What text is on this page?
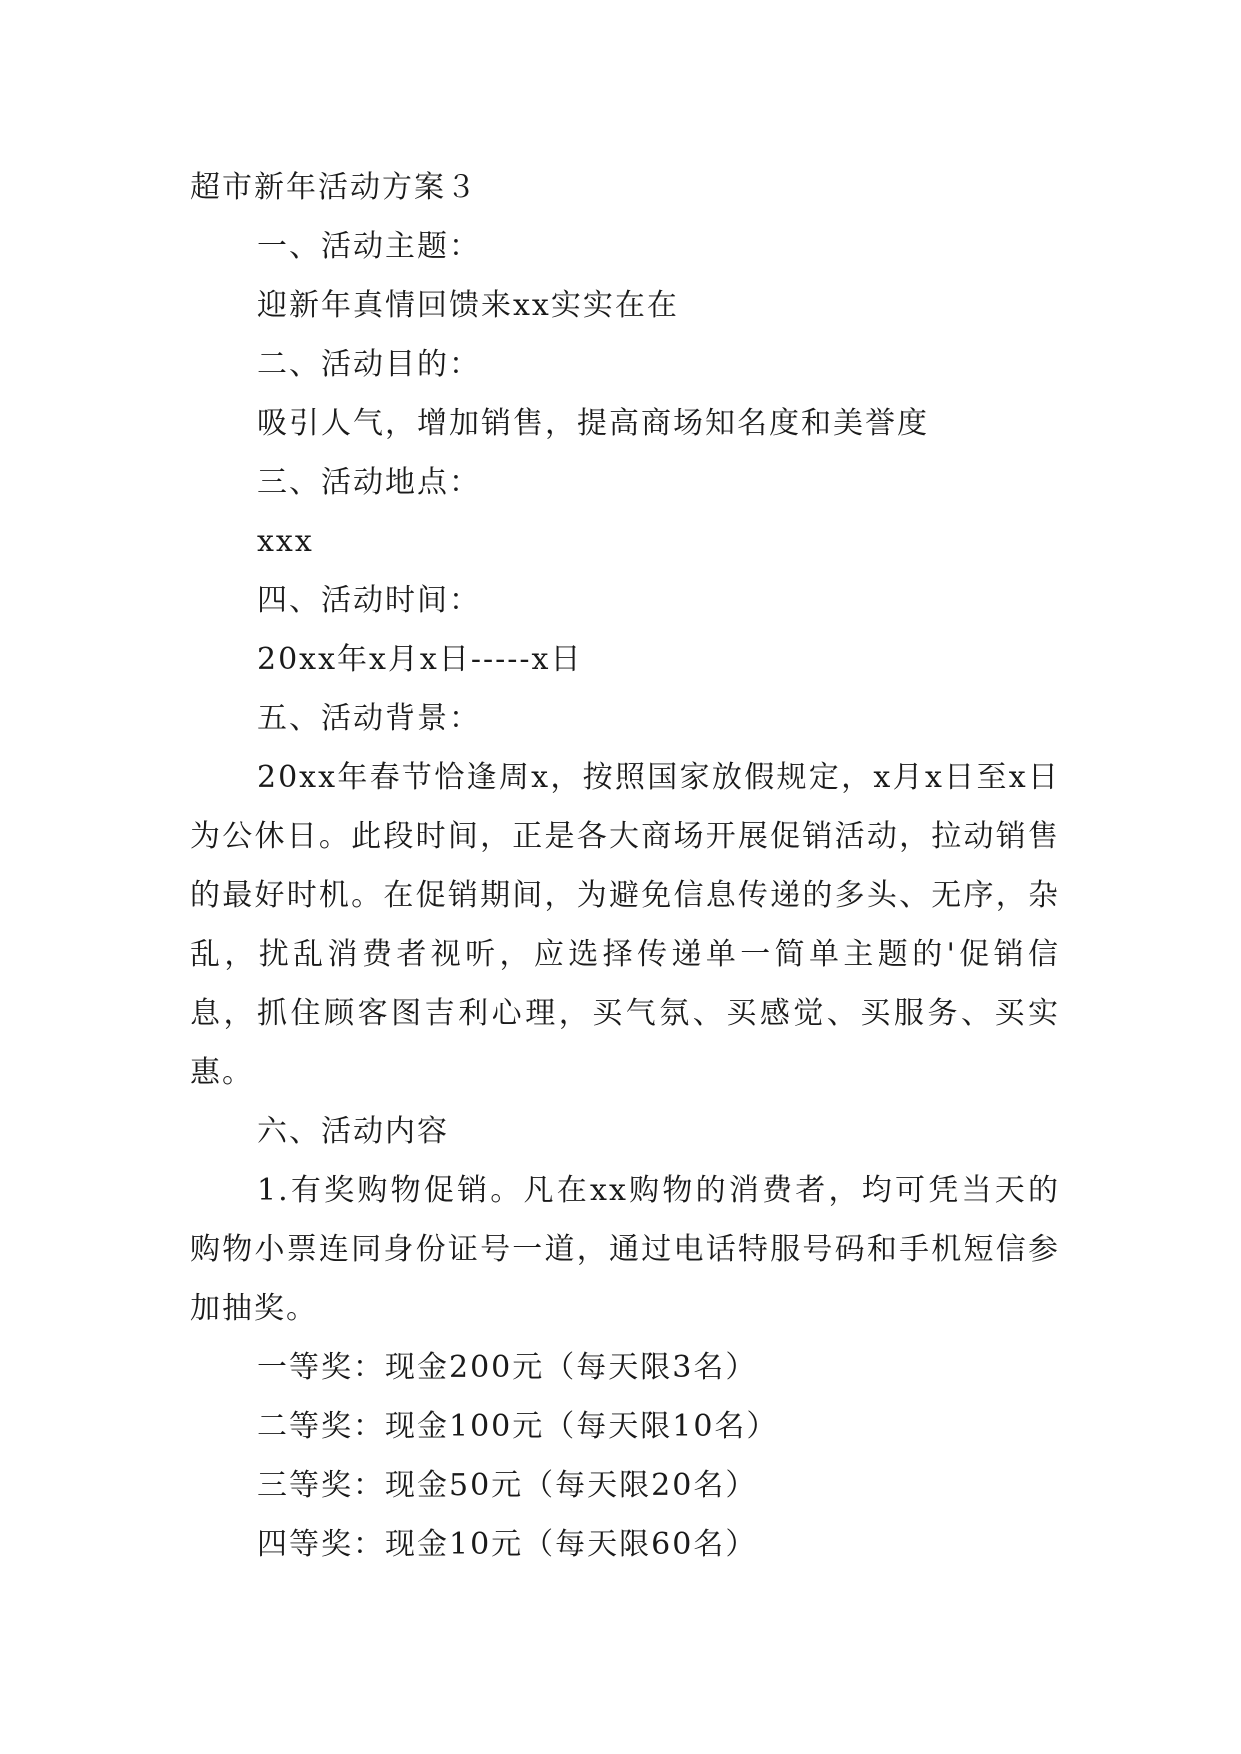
超市新年活动方案３

一、活动主题：

迎新年真情回馈来xx实实在在

二、活动目的：

吸引人气，增加销售，提高商场知名度和美誉度

三、活动地点：

xxx

四、活动时间：

20xx年x月x日-----x日

五、活动背景：

20xx年春节恰逢周x，按照国家放假规定，x月x日至x日为公休日。此段时间，正是各大商场开展促销活动，拉动销售的最好时机。在促销期间，为避免信息传递的多头、无序，杂乱，扰乱消费者视听，应选择传递单一简单主题的'促销信息，抓住顾客图吉利心理，买气氛、买感觉、买服务、买实惠。

六、活动内容

1.有奖购物促销。凡在xx购物的消费者，均可凭当天的购物小票连同身份证号一道，通过电话特服号码和手机短信参加抽奖。

一等奖：现金200元（每天限3名）

二等奖：现金100元（每天限10名）

三等奖：现金50元（每天限20名）

四等奖：现金10元（每天限60名）
